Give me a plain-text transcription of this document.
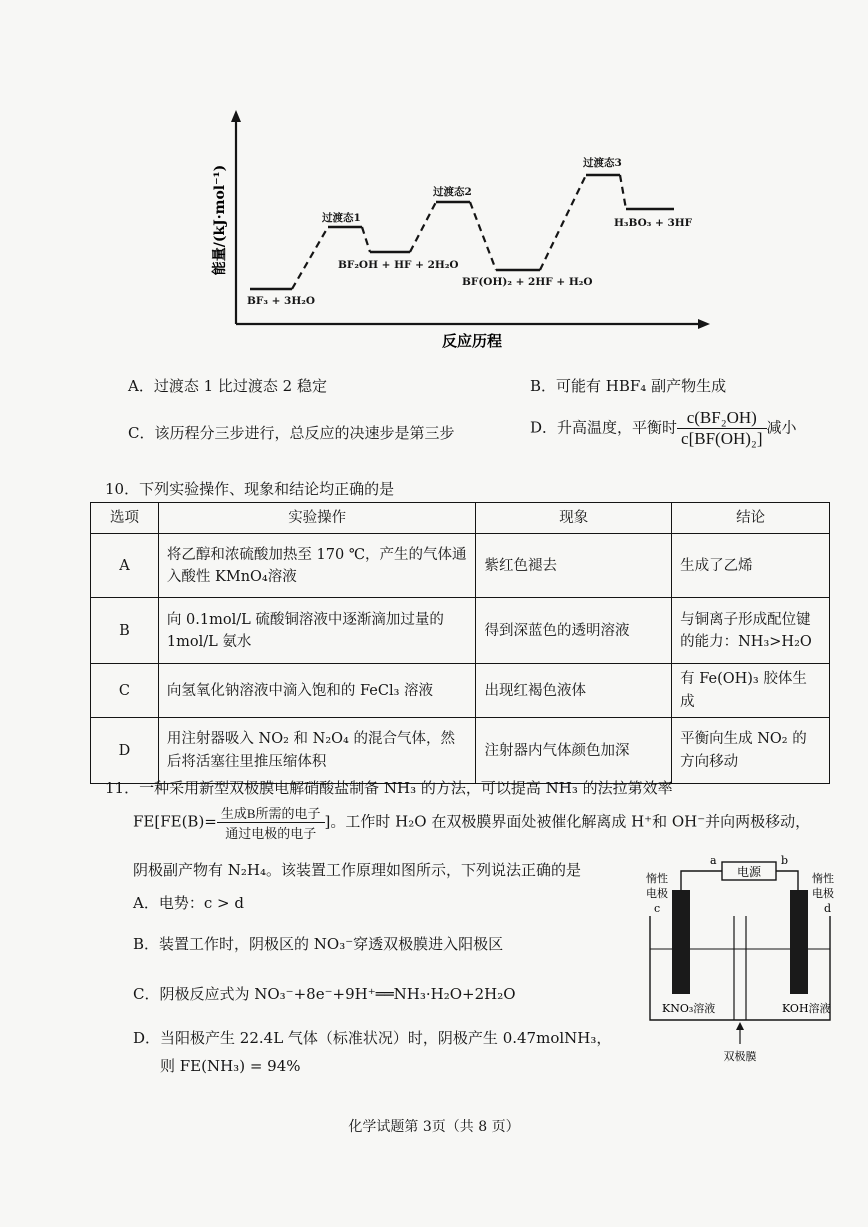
能量/(kJ·mol⁻¹)
BF₃ + 3H₂O
过渡态1
BF₂OH + HF + 2H₂O
过渡态2
BF(OH)₂ + 2HF + H₂O
过渡态3
H₃BO₃ + 3HF
反应历程
A．过渡态 1 比过渡态 2 稳定	B．可能有 HBF₄ 副产物生成
C．该历程分三步进行，总反应的决速步是第三步	D．升高温度，平衡时 $\frac{\text{c(BF₂OH)}}{\text{c[BF(OH)₂]}}$ 减小
10．下列实验操作、现象和结论均正确的是
选项	实验操作	现象	结论
A	将乙醇和浓硫酸加热至 170 ℃，产生的气体通入酸性 KMnO₄溶液	紫红色褪去	生成了乙烯
B	向 0.1mol/L 硫酸铜溶液中逐渐滴加过量的 1mol/L 氨水	得到深蓝色的透明溶液	与铜离子形成配位键的能力：NH₃>H₂O
C	向氢氧化钠溶液中滴入饱和的 FeCl₃ 溶液	出现红褐色液体	有 Fe(OH)₃ 胶体生成
D	用注射器吸入 NO₂ 和 N₂O₄ 的混合气体，然后将活塞往里推压缩体积	注射器内气体颜色加深	平衡向生成 NO₂ 的方向移动
11．一种采用新型双极膜电解硝酸盐制备 NH₃ 的方法，可以提高 NH₃ 的法拉第效率
$FE[FE(B)= \frac{\text{生成B所需的电子}}{\text{通过电极的电子}}$ ]。工作时 H₂O 在双极膜界面处被催化解离成 H⁺和 OH⁻并向两极移动，
阴极副产物有 N₂H₄。该装置工作原理如图所示，下列说法正确的是
A．电势：c > d
B．装置工作时，阴极区的 NO₃⁻穿透双极膜进入阳极区
C．阴极反应式为 NO₃⁻+8e⁻+9H⁺══NH₃·H₂O+2H₂O
D．当阳极产生 22.4L 气体（标准状况）时，阴极产生 0.47molNH₃，
则 FE(NH₃) = 94%
电源
a	b
惰性
电极
c
惰性
电极
d
KNO₃溶液	KOH溶液
双极膜
化学试题第 3页（共 8 页）
